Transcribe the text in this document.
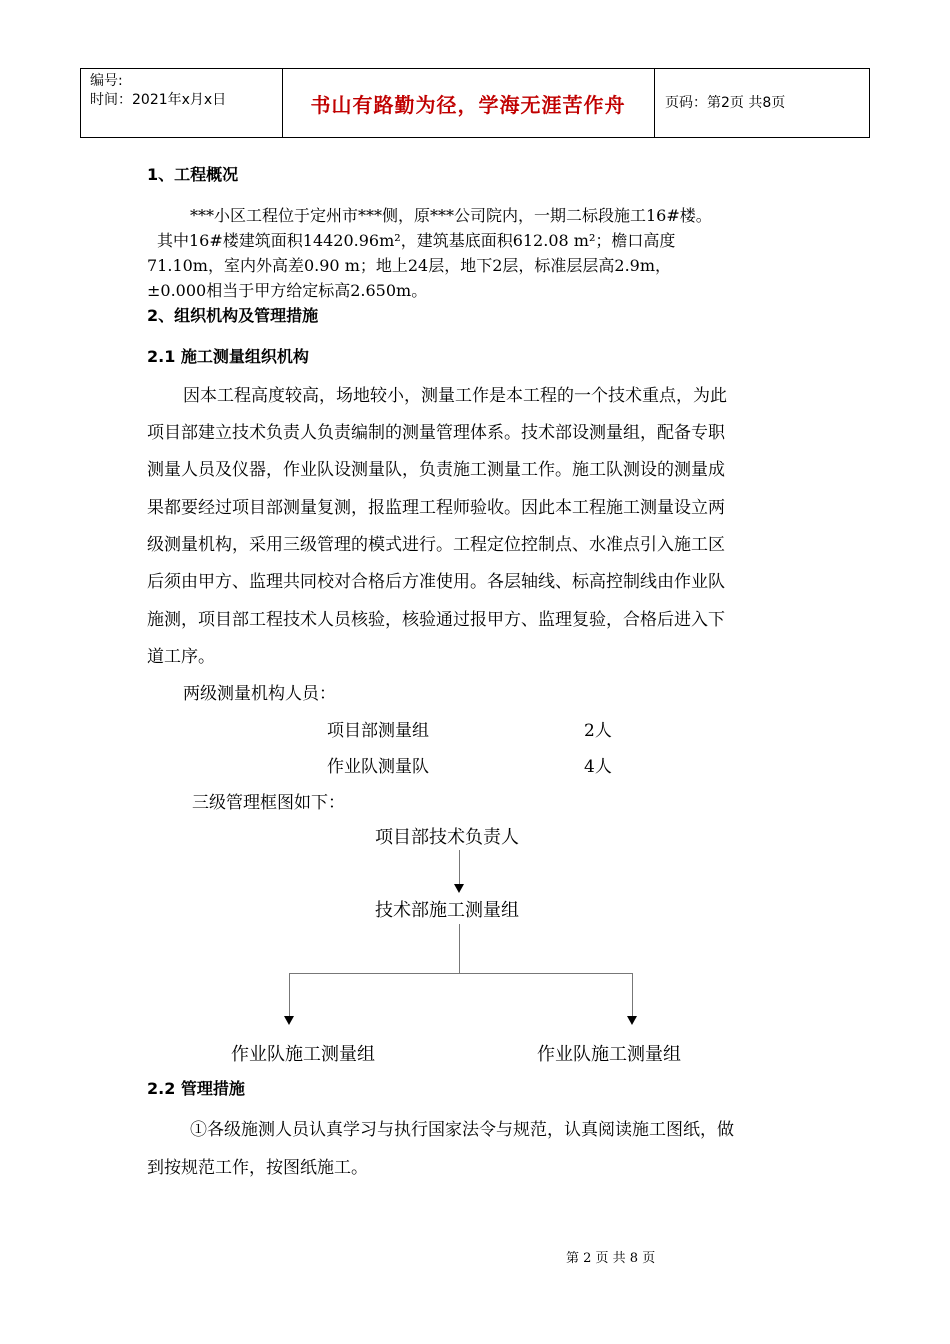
编号:
时间：2021年x月x日	书山有路勤为径，学海无涯苦作舟	页码：第2页 共8页
1、工程概况
***小区工程位于定州市***侧，原***公司院内，一期二标段施工16#楼。
其中16#楼建筑面积14420.96m²，建筑基底面积612.08 m²；檐口高度
71.10m，室内外高差0.90 m；地上24层，地下2层，标准层层高2.9m，
±0.000相当于甲方给定标高2.650m。
2、组织机构及管理措施
2.1 施工测量组织机构
因本工程高度较高，场地较小，测量工作是本工程的一个技术重点，为此
项目部建立技术负责人负责编制的测量管理体系。技术部设测量组，配备专职
测量人员及仪器，作业队设测量队，负责施工测量工作。施工队测设的测量成
果都要经过项目部测量复测，报监理工程师验收。因此本工程施工测量设立两
级测量机构，采用三级管理的模式进行。工程定位控制点、水准点引入施工区
后须由甲方、监理共同校对合格后方准使用。各层轴线、标高控制线由作业队
施测，项目部工程技术人员核验，核验通过报甲方、监理复验，合格后进入下
道工序。
两级测量机构人员：
项目部测量组	2人
作业队测量队	4人
三级管理框图如下：
项目部技术负责人
技术部施工测量组
作业队施工测量组	作业队施工测量组
2.2 管理措施
①各级施测人员认真学习与执行国家法令与规范，认真阅读施工图纸，做
到按规范工作，按图纸施工。
第 2 页 共 8 页
